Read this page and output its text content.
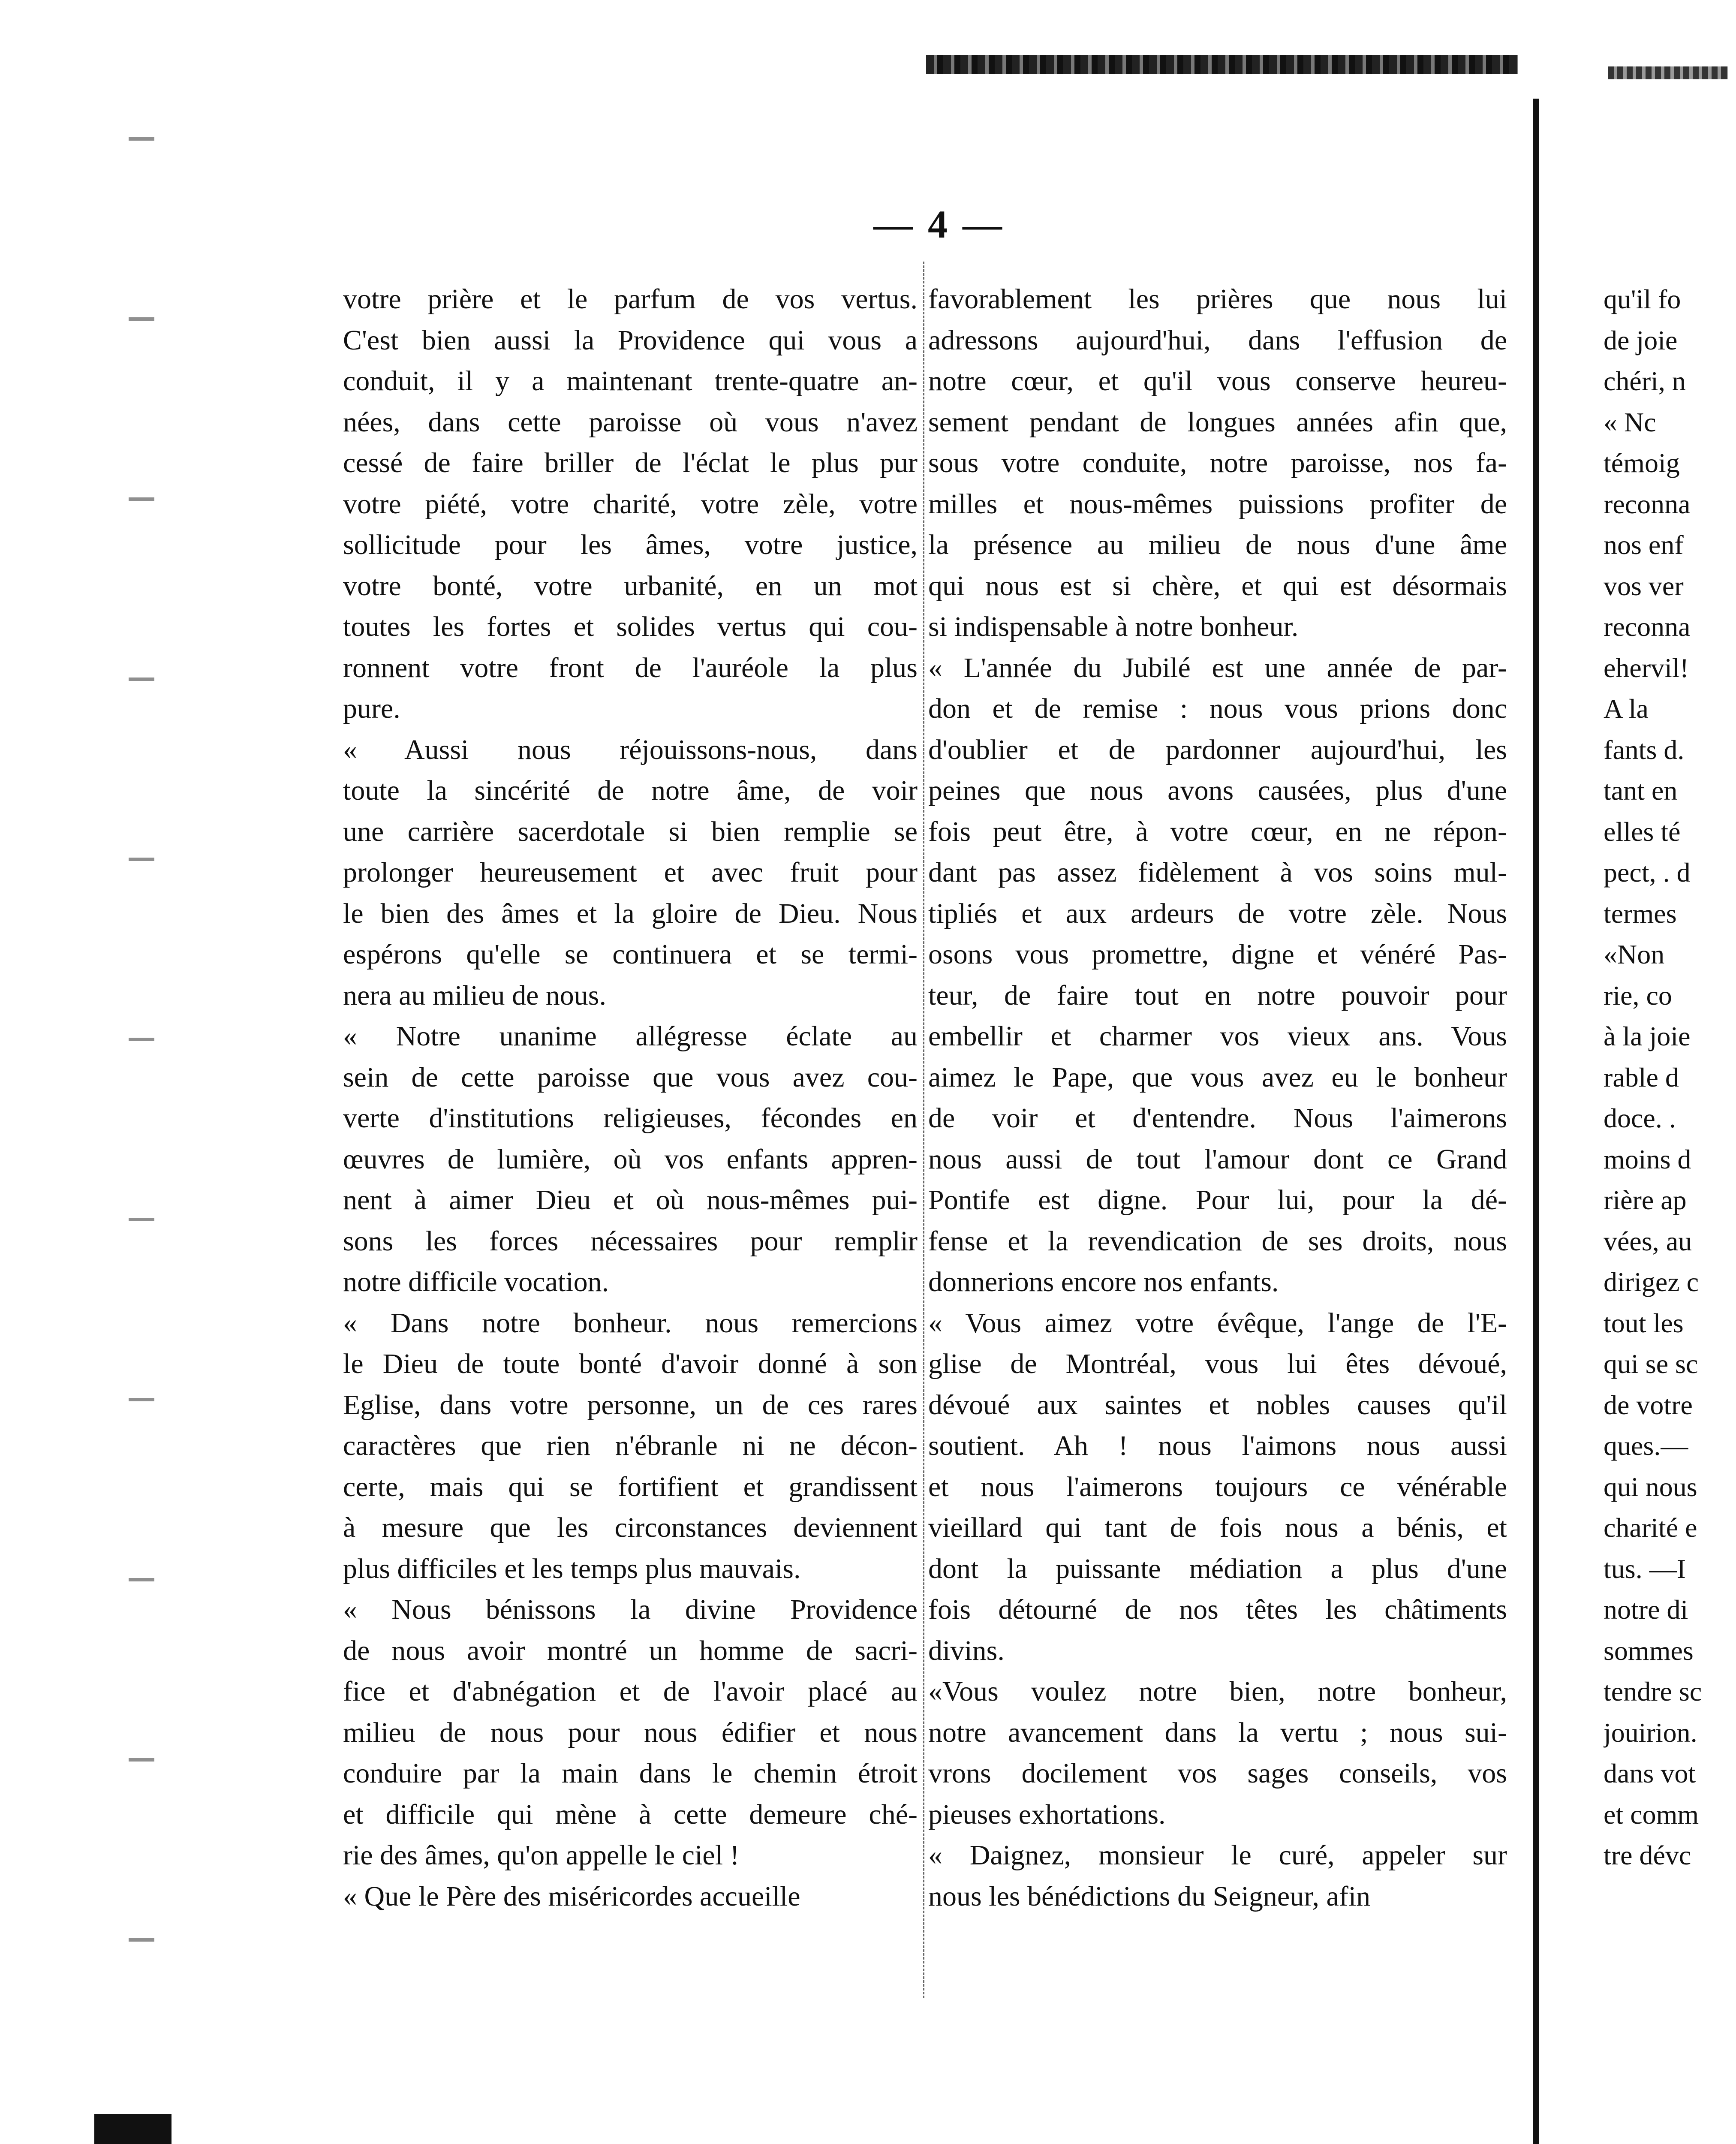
— 4 —

votre prière et le parfum de vos vertus.
C'est bien aussi la Providence qui vous a
conduit, il y a maintenant trente-quatre an-
nées, dans cette paroisse où vous n'avez
cessé de faire briller de l'éclat le plus pur
votre piété, votre charité, votre zèle, votre
sollicitude pour les âmes, votre justice,
votre bonté, votre urbanité, en un mot
toutes les fortes et solides vertus qui cou-
ronnent votre front de l'auréole la plus
pure.

« Aussi nous réjouissons-nous, dans
toute la sincérité de notre âme, de voir
une carrière sacerdotale si bien remplie se
prolonger heureusement et avec fruit pour
le bien des âmes et la gloire de Dieu. Nous
espérons qu'elle se continuera et se termi-
nera au milieu de nous.

« Notre unanime allégresse éclate au
sein de cette paroisse que vous avez cou-
verte d'institutions religieuses, fécondes en
œuvres de lumière, où vos enfants appren-
nent à aimer Dieu et où nous-mêmes pui-
sons les forces nécessaires pour remplir
notre difficile vocation.

« Dans notre bonheur. nous remercions
le Dieu de toute bonté d'avoir donné à son
Eglise, dans votre personne, un de ces rares
caractères que rien n'ébranle ni ne décon-
certe, mais qui se fortifient et grandissent
à mesure que les circonstances deviennent
plus difficiles et les temps plus mauvais.

« Nous bénissons la divine Providence
de nous avoir montré un homme de sacri-
fice et d'abnégation et de l'avoir placé au
milieu de nous pour nous édifier et nous
conduire par la main dans le chemin étroit
et difficile qui mène à cette demeure ché-
rie des âmes, qu'on appelle le ciel !

« Que le Père des miséricordes accueille

favorablement les prières que nous lui
adressons aujourd'hui, dans l'effusion de
notre cœur, et qu'il vous conserve heureu-
sement pendant de longues années afin que,
sous votre conduite, notre paroisse, nos fa-
milles et nous-mêmes puissions profiter de
la présence au milieu de nous d'une âme
qui nous est si chère, et qui est désormais
si indispensable à notre bonheur.

« L'année du Jubilé est une année de par-
don et de remise : nous vous prions donc
d'oublier et de pardonner aujourd'hui, les
peines que nous avons causées, plus d'une
fois peut être, à votre cœur, en ne répon-
dant pas assez fidèlement à vos soins mul-
tipliés et aux ardeurs de votre zèle. Nous
osons vous promettre, digne et vénéré Pas-
teur, de faire tout en notre pouvoir pour
embellir et charmer vos vieux ans. Vous
aimez le Pape, que vous avez eu le bonheur
de voir et d'entendre. Nous l'aimerons
nous aussi de tout l'amour dont ce Grand
Pontife est digne. Pour lui, pour la dé-
fense et la revendication de ses droits, nous
donnerions encore nos enfants.

« Vous aimez votre évêque, l'ange de l'E-
glise de Montréal, vous lui êtes dévoué,
dévoué aux saintes et nobles causes qu'il
soutient. Ah ! nous l'aimons nous aussi
et nous l'aimerons toujours ce vénérable
vieillard qui tant de fois nous a bénis, et
dont la puissante médiation a plus d'une
fois détourné de nos têtes les châtiments
divins.

«Vous voulez notre bien, notre bonheur,
notre avancement dans la vertu ; nous sui-
vrons docilement vos sages conseils, vos
pieuses exhortations.

« Daignez, monsieur le curé, appeler sur
nous les bénédictions du Seigneur, afin

qu'il fo
de joie
chéri, n
« Nc
témoig
reconna
nos enf
vos ver
reconna
ehervil!
A la
fants d.
tant en
elles té
pect, . d
termes
«Non
rie, co
à la joie
rable d
doce. .
moins d
rière ap
vées, au
dirigez c
tout les
qui se sc
de votre
ques.—
qui nous
charité e
tus. —I
notre di
sommes
tendre sc
jouirion.
dans vot
et comm
tre dévc
